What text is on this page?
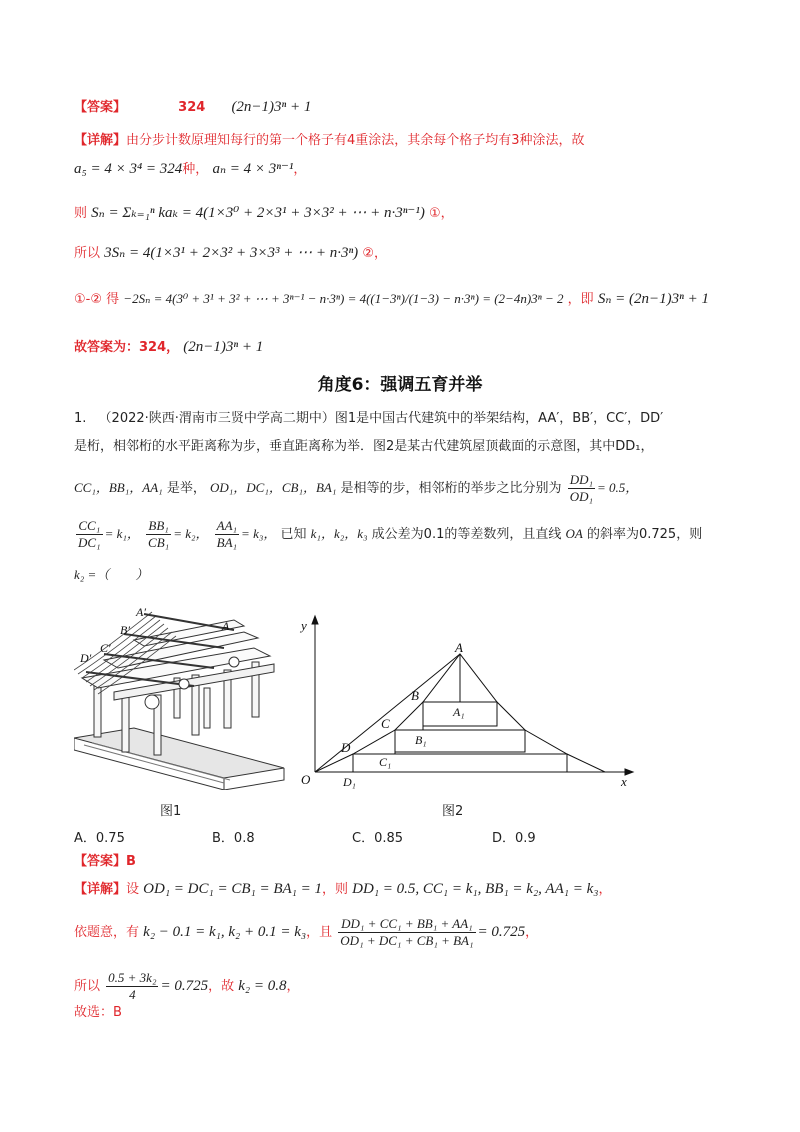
【答案】	324 (2n−1)3ⁿ + 1
【详解】由分步计数原理知每行的第一个格子有4重涂法，其余每个格子均有3种涂法，故
a₅ = 4 × 3⁴ = 324种， aₙ = 4 × 3ⁿ⁻¹，
则 Sₙ = Σₖ₌₁ⁿ kaₖ = 4(1×3⁰ + 2×3¹ + 3×3² + ⋯ + n·3ⁿ⁻¹) ①，
所以 3Sₙ = 4(1×3¹ + 2×3² + 3×3³ + ⋯ + n·3ⁿ) ②，
①-② 得 −2Sₙ = 4(3⁰ + 3¹ + 3² + ⋯ + 3ⁿ⁻¹ − n·3ⁿ) = 4((1−3ⁿ)/(1−3) − n·3ⁿ) = (2−4n)3ⁿ − 2 ，即 Sₙ = (2n−1)3ⁿ + 1
故答案为：324， (2n−1)3ⁿ + 1
角度6：强调五育并举
1. （2022·陕西·渭南市三贤中学高二期中）图1是中国古代建筑中的举架结构，AA′，BB′，CC′，DD′
是桁，相邻桁的水平距离称为步，垂直距离称为举．图2是某古代建筑屋顶截面的示意图，其中DD₁，
CC₁，BB₁，AA₁ 是举， OD₁，DC₁，CB₁，BA₁ 是相等的步，相邻桁的举步之比分别为 $\frac{\text{DD₁}}{\text{OD₁}} = 0.5$，
$\frac{\text{CC₁}}{\text{DC₁}} = k_1$， $\frac{\text{BB₁}}{\text{CB₁}} = k_2$， $\frac{\text{AA₁}}{\text{BA₁}} = k_3$， 已知 k₁，k₂，k₃ 成公差为0.1的等差数列，且直线 OA 的斜率为0.725，则
k₂ =（　　）
A′
B′
C′
D′
A
图1
y
x
O
A
B
C
D
A₁
B₁
C₁
D₁
图2
A．0.75	B．0.8	C．0.85	D．0.9
【答案】B
【详解】设 OD₁ = DC₁ = CB₁ = BA₁ = 1，则 DD₁ = 0.5, CC₁ = k₁, BB₁ = k₂, AA₁ = k₃，
依题意，有 k₂ − 0.1 = k₁, k₂ + 0.1 = k₃，且 $\frac{\text{DD₁ + CC₁ + BB₁ + AA₁}}{\text{OD₁ + DC₁ + CB₁ + BA₁}} = 0.725$，
所以 $\frac{\text{0.5 + 3k₂}}{4} = 0.725$，故 k₂ = 0.8，
故选：B
